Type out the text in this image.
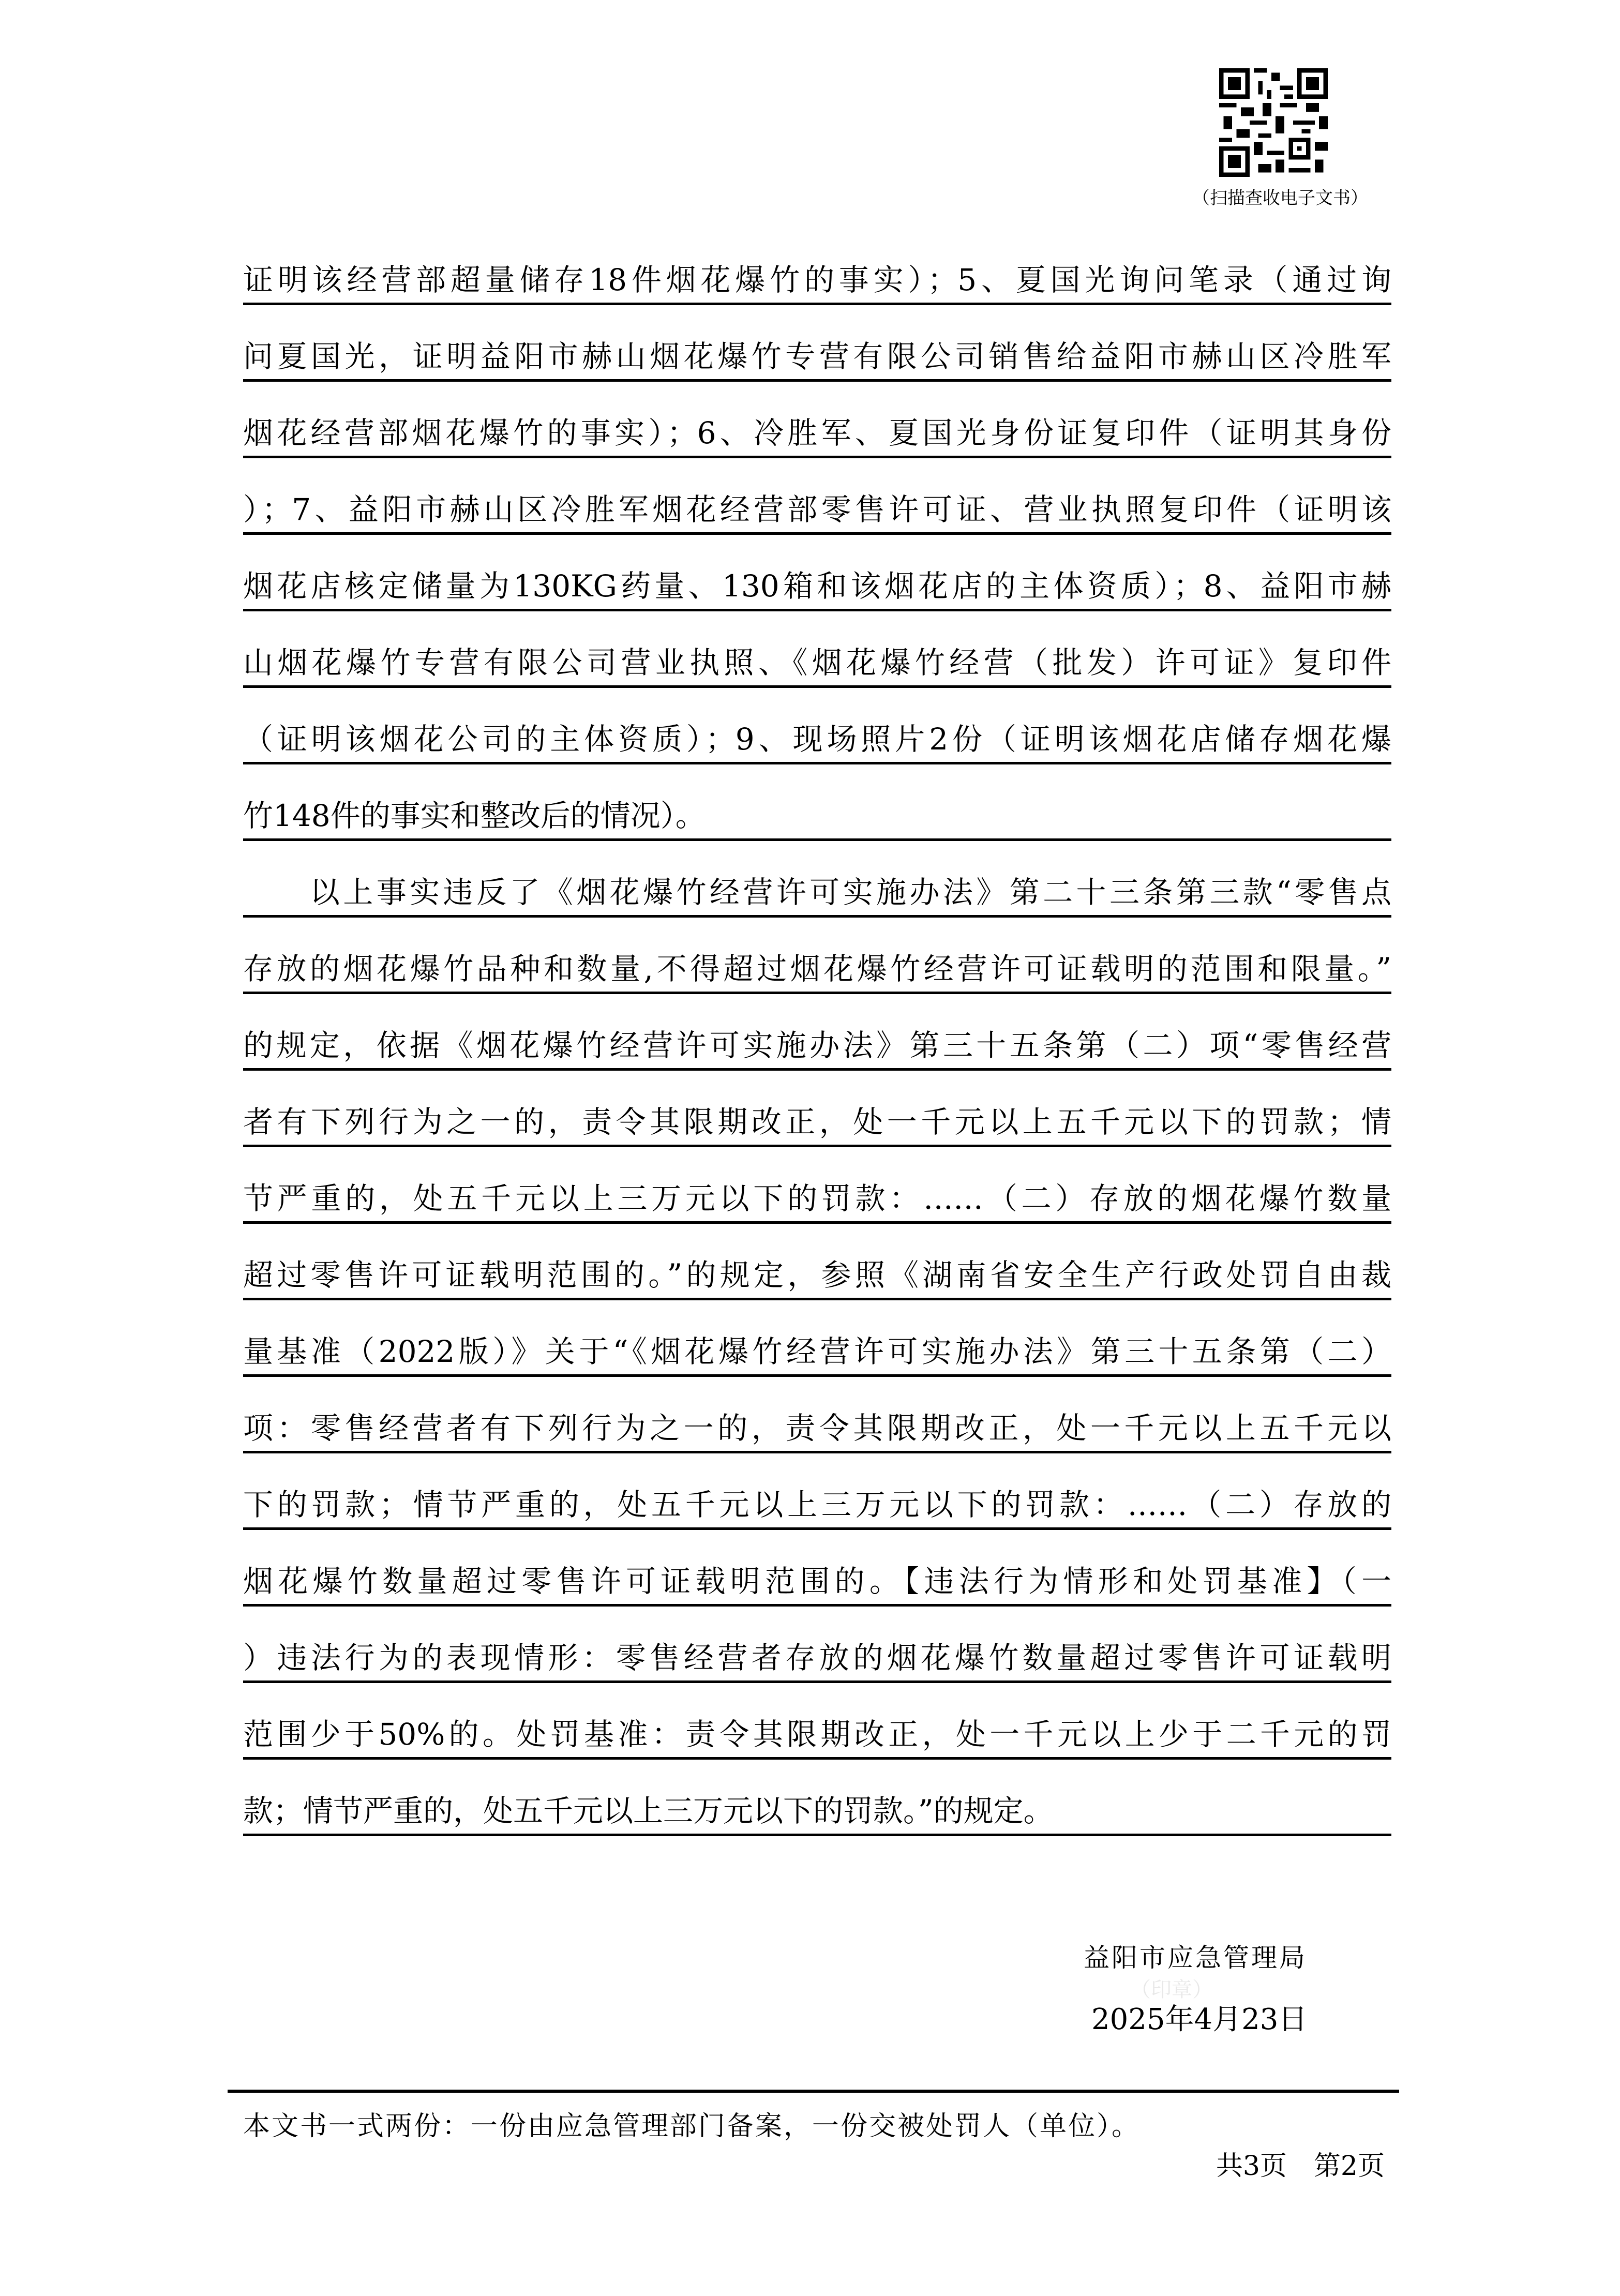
（扫描查收电子文书）
证明该经营部超量储存18件烟花爆竹的事实）；5、夏国光询问笔录（通过询
问夏国光，证明益阳市赫山烟花爆竹专营有限公司销售给益阳市赫山区冷胜军
烟花经营部烟花爆竹的事实）；6、冷胜军、夏国光身份证复印件（证明其身份
）；7、益阳市赫山区冷胜军烟花经营部零售许可证、营业执照复印件（证明该
烟花店核定储量为130KG药量、130箱和该烟花店的主体资质）；8、益阳市赫
山烟花爆竹专营有限公司营业执照、《烟花爆竹经营（批发）许可证》复印件
（证明该烟花公司的主体资质）；9、现场照片2份（证明该烟花店储存烟花爆
竹148件的事实和整改后的情况）。
　　以上事实违反了《烟花爆竹经营许可实施办法》第二十三条第三款“零售点
存放的烟花爆竹品种和数量,不得超过烟花爆竹经营许可证载明的范围和限量。”
的规定，依据《烟花爆竹经营许可实施办法》第三十五条第（二）项“零售经营
者有下列行为之一的，责令其限期改正，处一千元以上五千元以下的罚款；情
节严重的，处五千元以上三万元以下的罚款：……（二）存放的烟花爆竹数量
超过零售许可证载明范围的。”的规定，参照《湖南省安全生产行政处罚自由裁
量基准（2022版）》关于“《烟花爆竹经营许可实施办法》第三十五条第（二）
项：零售经营者有下列行为之一的，责令其限期改正，处一千元以上五千元以
下的罚款；情节严重的，处五千元以上三万元以下的罚款：……（二）存放的
烟花爆竹数量超过零售许可证载明范围的。【违法行为情形和处罚基准】（一
）违法行为的表现情形：零售经营者存放的烟花爆竹数量超过零售许可证载明
范围少于50%的。处罚基准：责令其限期改正，处一千元以上少于二千元的罚
款；情节严重的，处五千元以上三万元以下的罚款。”的规定。
益阳市应急管理局
（印章）
2025年4月23日
本文书一式两份：一份由应急管理部门备案，一份交被处罚人（单位）。
共3页　第2页
